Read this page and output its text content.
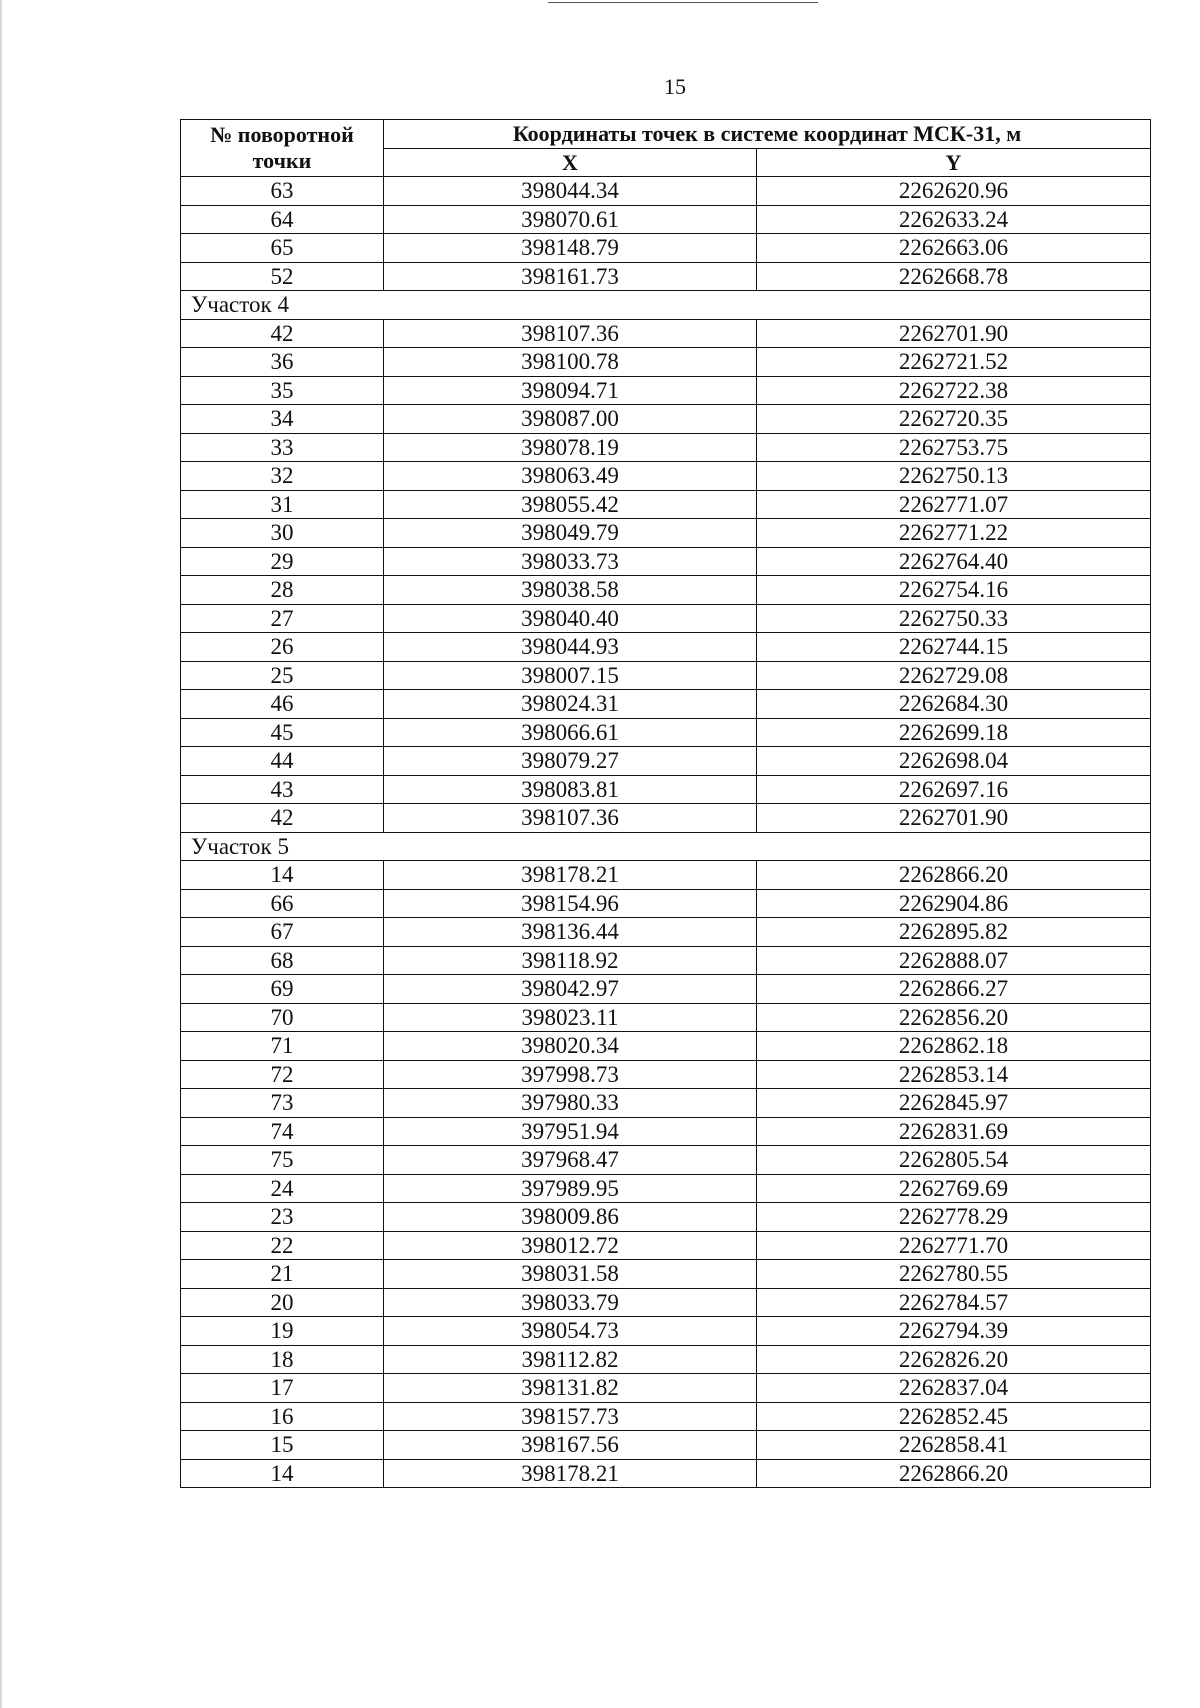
15
№ поворотной точки	Координаты точек в системе координат МСК-31, м	
	X	Y
63	398044.34	2262620.96
64	398070.61	2262633.24
65	398148.79	2262663.06
52	398161.73	2262668.78
Участок 4		
42	398107.36	2262701.90
36	398100.78	2262721.52
35	398094.71	2262722.38
34	398087.00	2262720.35
33	398078.19	2262753.75
32	398063.49	2262750.13
31	398055.42	2262771.07
30	398049.79	2262771.22
29	398033.73	2262764.40
28	398038.58	2262754.16
27	398040.40	2262750.33
26	398044.93	2262744.15
25	398007.15	2262729.08
46	398024.31	2262684.30
45	398066.61	2262699.18
44	398079.27	2262698.04
43	398083.81	2262697.16
42	398107.36	2262701.90
Участок 5		
14	398178.21	2262866.20
66	398154.96	2262904.86
67	398136.44	2262895.82
68	398118.92	2262888.07
69	398042.97	2262866.27
70	398023.11	2262856.20
71	398020.34	2262862.18
72	397998.73	2262853.14
73	397980.33	2262845.97
74	397951.94	2262831.69
75	397968.47	2262805.54
24	397989.95	2262769.69
23	398009.86	2262778.29
22	398012.72	2262771.70
21	398031.58	2262780.55
20	398033.79	2262784.57
19	398054.73	2262794.39
18	398112.82	2262826.20
17	398131.82	2262837.04
16	398157.73	2262852.45
15	398167.56	2262858.41
14	398178.21	2262866.20
